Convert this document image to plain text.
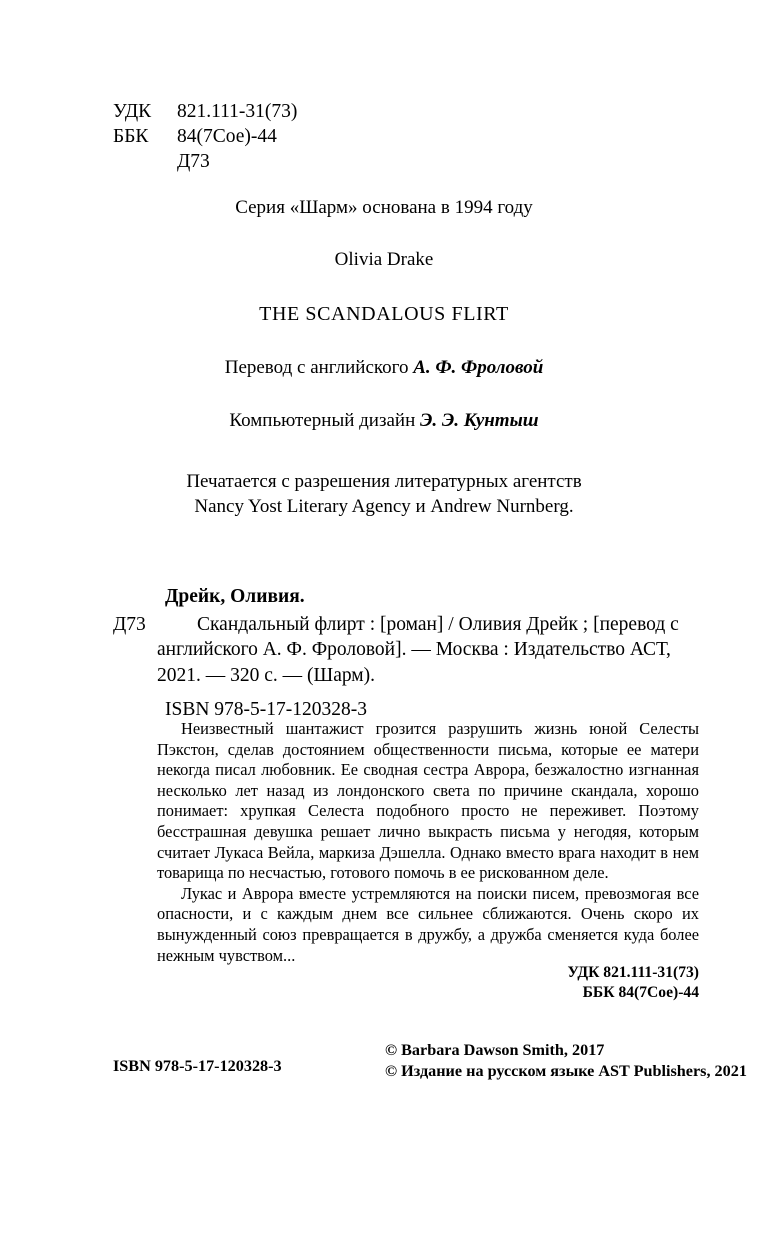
УДК	821.111-31(73)
ББК	84(7Сое)-44
Д73
Серия «Шарм» основана в 1994 году
Olivia Drake
THE SCANDALOUS FLIRT
Перевод с английского А. Ф. Фроловой
Компьютерный дизайн Э. Э. Кунтыш
Печатается с разрешения литературных агентств
Nancy Yost Literary Agency и Andrew Nurnberg.
Дрейк, Оливия.
Д73	Скандальный флирт : [роман] / Оливия Дрейк ; [перевод с английского А. Ф. Фроловой]. — Москва : Издательство АСТ, 2021. — 320 с. — (Шарм).
ISBN 978-5-17-120328-3

Неизвестный шантажист грозится разрушить жизнь юной Селесты Пэкстон, сделав достоянием общественности письма, которые ее матери некогда писал любовник. Ее сводная сестра Аврора, безжалостно изгнанная несколько лет назад из лондонского света по причине скандала, хорошо понимает: хрупкая Селеста подобного просто не переживет. Поэтому бесстрашная девушка решает лично выкрасть письма у негодяя, которым считает Лукаса Вейла, маркиза Дэшелла. Однако вместо врага находит в нем товарища по несчастью, готового помочь в ее рискованном деле.

Лукас и Аврора вместе устремляются на поиски писем, превозмогая все опасности, и с каждым днем все сильнее сближаются. Очень скоро их вынужденный союз превращается в дружбу, а дружба сменяется куда более нежным чувством...

УДК 821.111-31(73)
ББК 84(7Сое)-44
ISBN 978-5-17-120328-3
© Barbara Dawson Smith, 2017
© Издание на русском языке AST Publishers, 2021
